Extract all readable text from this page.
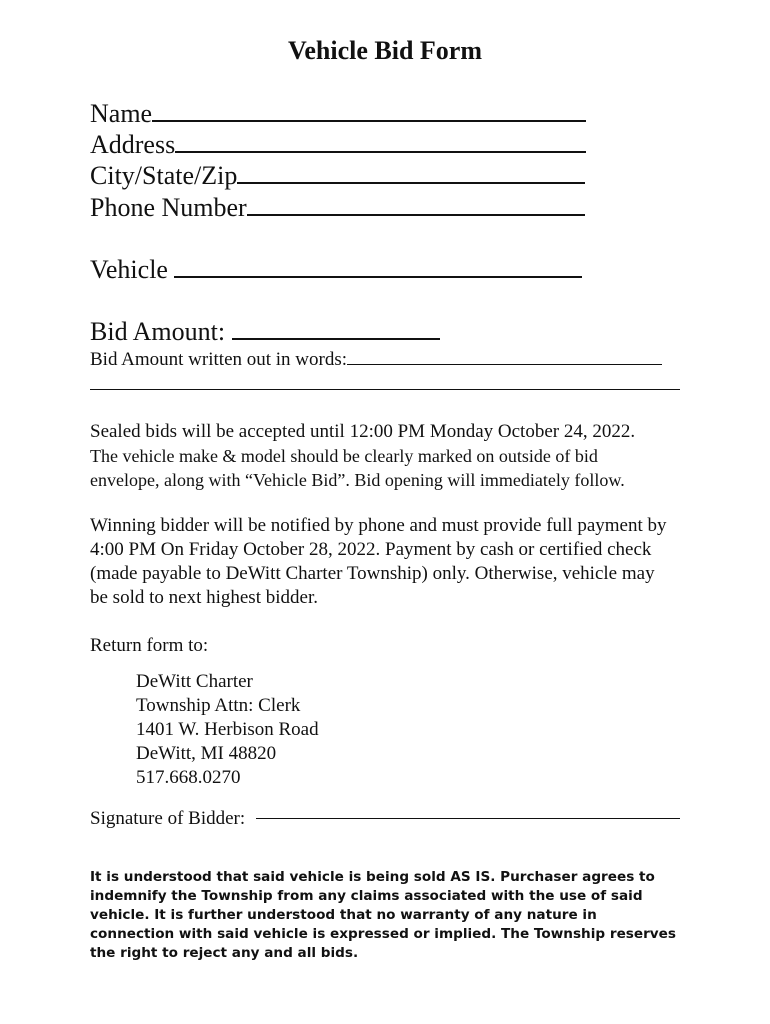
Vehicle Bid Form
Name
Address
City/State/Zip
Phone Number
Vehicle
Bid Amount:
Bid Amount written out in words:
Sealed bids will be accepted until 12:00 PM Monday October 24, 2022.
The vehicle make & model should be clearly marked on outside of bid
envelope, along with “Vehicle Bid”. Bid opening will immediately follow.
Winning bidder will be notified by phone and must provide full payment by
4:00 PM On Friday October 28, 2022. Payment by cash or certified check
(made payable to DeWitt Charter Township) only. Otherwise, vehicle may
be sold to next highest bidder.
Return form to:
DeWitt Charter
Township Attn: Clerk
1401 W. Herbison Road
DeWitt, MI 48820
517.668.0270
Signature of Bidder:
It is understood that said vehicle is being sold AS IS. Purchaser agrees to
indemnify the Township from any claims associated with the use of said
vehicle. It is further understood that no warranty of any nature in
connection with said vehicle is expressed or implied. The Township reserves
the right to reject any and all bids.
